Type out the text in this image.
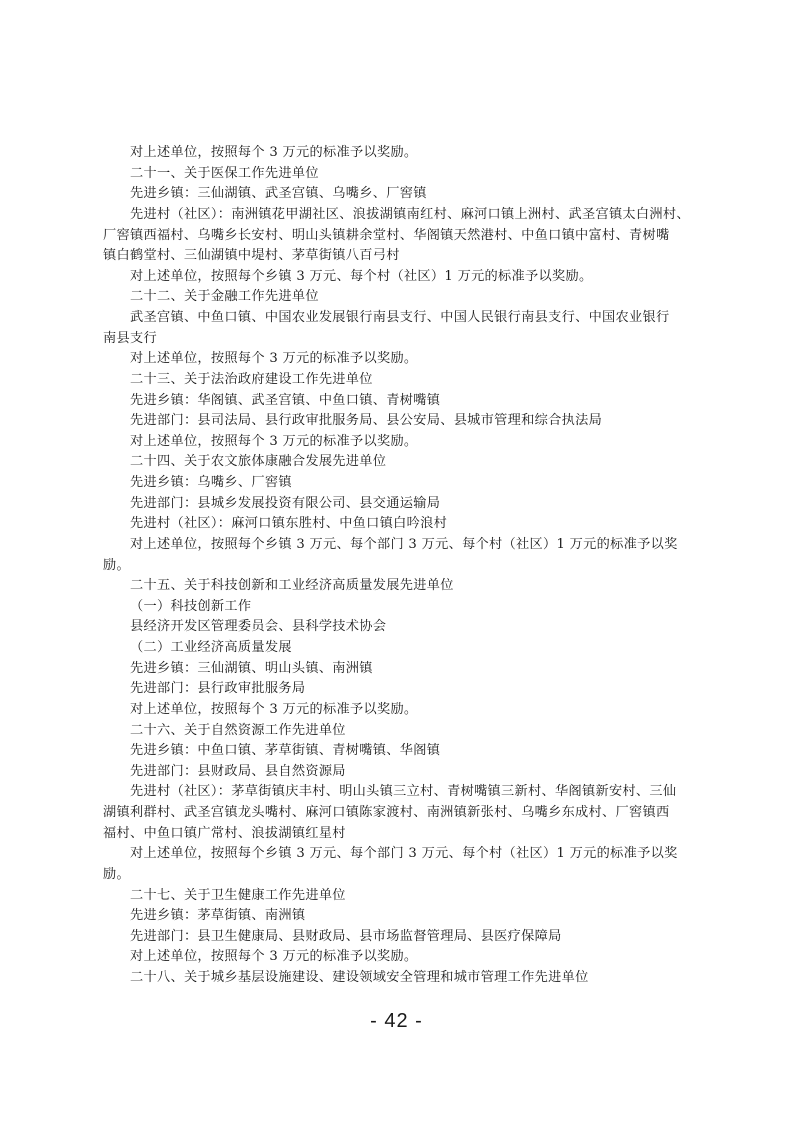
对上述单位，按照每个 3 万元的标准予以奖励。
二十一、关于医保工作先进单位
先进乡镇：三仙湖镇、武圣宫镇、乌嘴乡、厂窖镇
先进村（社区）：南洲镇花甲湖社区、浪拔湖镇南红村、麻河口镇上洲村、武圣宫镇太白洲村、
厂窖镇西福村、乌嘴乡长安村、明山头镇耕余堂村、华阁镇天然港村、中鱼口镇中富村、青树嘴
镇白鹤堂村、三仙湖镇中堤村、茅草街镇八百弓村
对上述单位，按照每个乡镇 3 万元、每个村（社区）1 万元的标准予以奖励。
二十二、关于金融工作先进单位
武圣宫镇、中鱼口镇、中国农业发展银行南县支行、中国人民银行南县支行、中国农业银行
南县支行
对上述单位，按照每个 3 万元的标准予以奖励。
二十三、关于法治政府建设工作先进单位
先进乡镇：华阁镇、武圣宫镇、中鱼口镇、青树嘴镇
先进部门：县司法局、县行政审批服务局、县公安局、县城市管理和综合执法局
对上述单位，按照每个 3 万元的标准予以奖励。
二十四、关于农文旅体康融合发展先进单位
先进乡镇：乌嘴乡、厂窖镇
先进部门：县城乡发展投资有限公司、县交通运输局
先进村（社区）：麻河口镇东胜村、中鱼口镇白吟浪村
对上述单位，按照每个乡镇 3 万元、每个部门 3 万元、每个村（社区）1 万元的标准予以奖
励。
二十五、关于科技创新和工业经济高质量发展先进单位
（一）科技创新工作
县经济开发区管理委员会、县科学技术协会
（二）工业经济高质量发展
先进乡镇：三仙湖镇、明山头镇、南洲镇
先进部门：县行政审批服务局
对上述单位，按照每个 3 万元的标准予以奖励。
二十六、关于自然资源工作先进单位
先进乡镇：中鱼口镇、茅草街镇、青树嘴镇、华阁镇
先进部门：县财政局、县自然资源局
先进村（社区）：茅草街镇庆丰村、明山头镇三立村、青树嘴镇三新村、华阁镇新安村、三仙
湖镇利群村、武圣宫镇龙头嘴村、麻河口镇陈家渡村、南洲镇新张村、乌嘴乡东成村、厂窖镇西
福村、中鱼口镇广常村、浪拔湖镇红星村
对上述单位，按照每个乡镇 3 万元、每个部门 3 万元、每个村（社区）1 万元的标准予以奖
励。
二十七、关于卫生健康工作先进单位
先进乡镇：茅草街镇、南洲镇
先进部门：县卫生健康局、县财政局、县市场监督管理局、县医疗保障局
对上述单位，按照每个 3 万元的标准予以奖励。
二十八、关于城乡基层设施建设、建设领域安全管理和城市管理工作先进单位
- 42 -
